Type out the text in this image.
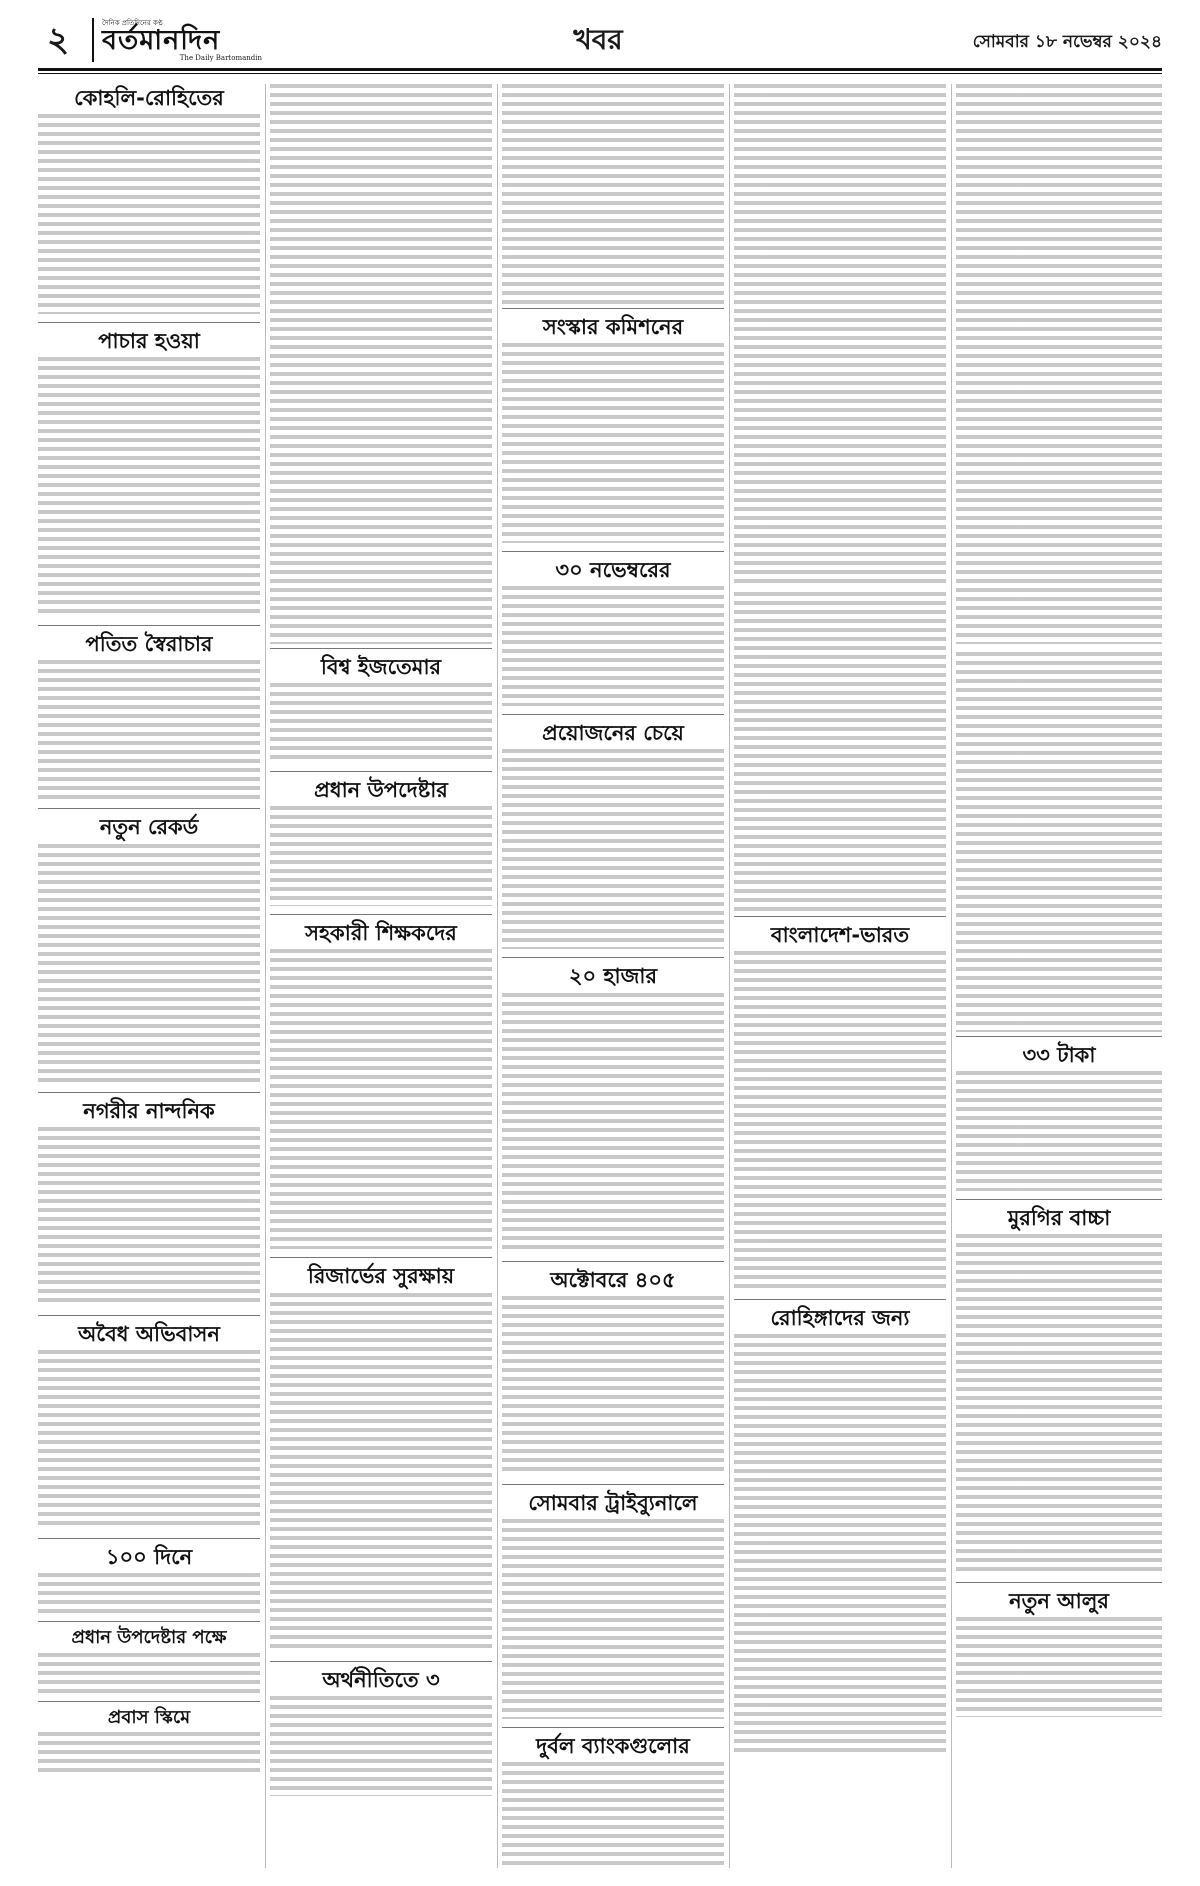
২	দৈনিক প্রতিদিনের কণ্ঠ
বর্তমানদিন
The Daily Bartomandin
খবর	সোমবার ১৮ নভেম্বর ২০২৪
কোহলি-রোহিতের
পাচার হওয়া
পতিত স্বৈরাচার
নতুন রেকর্ড
নগরীর নান্দনিক
অবৈধ অভিবাসন
১০০ দিনে
প্রধান উপদেষ্টার পক্ষে
প্রবাস স্কিমে
বিশ্ব ইজতেমার
প্রধান উপদেষ্টার
সহকারী শিক্ষকদের
রিজার্ভের সুরক্ষায়
অর্থনীতিতে ৩
সংস্কার কমিশনের
৩০ নভেম্বরের
প্রয়োজনের চেয়ে
২০ হাজার
অক্টোবরে ৪০৫
সোমবার ট্রাইব্যুনালে
দুর্বল ব্যাংকগুলোর
বাংলাদেশ-ভারত
রোহিঙ্গাদের জন্য
৩৩ টাকা
মুরগির বাচ্চা
নতুন আলুর
